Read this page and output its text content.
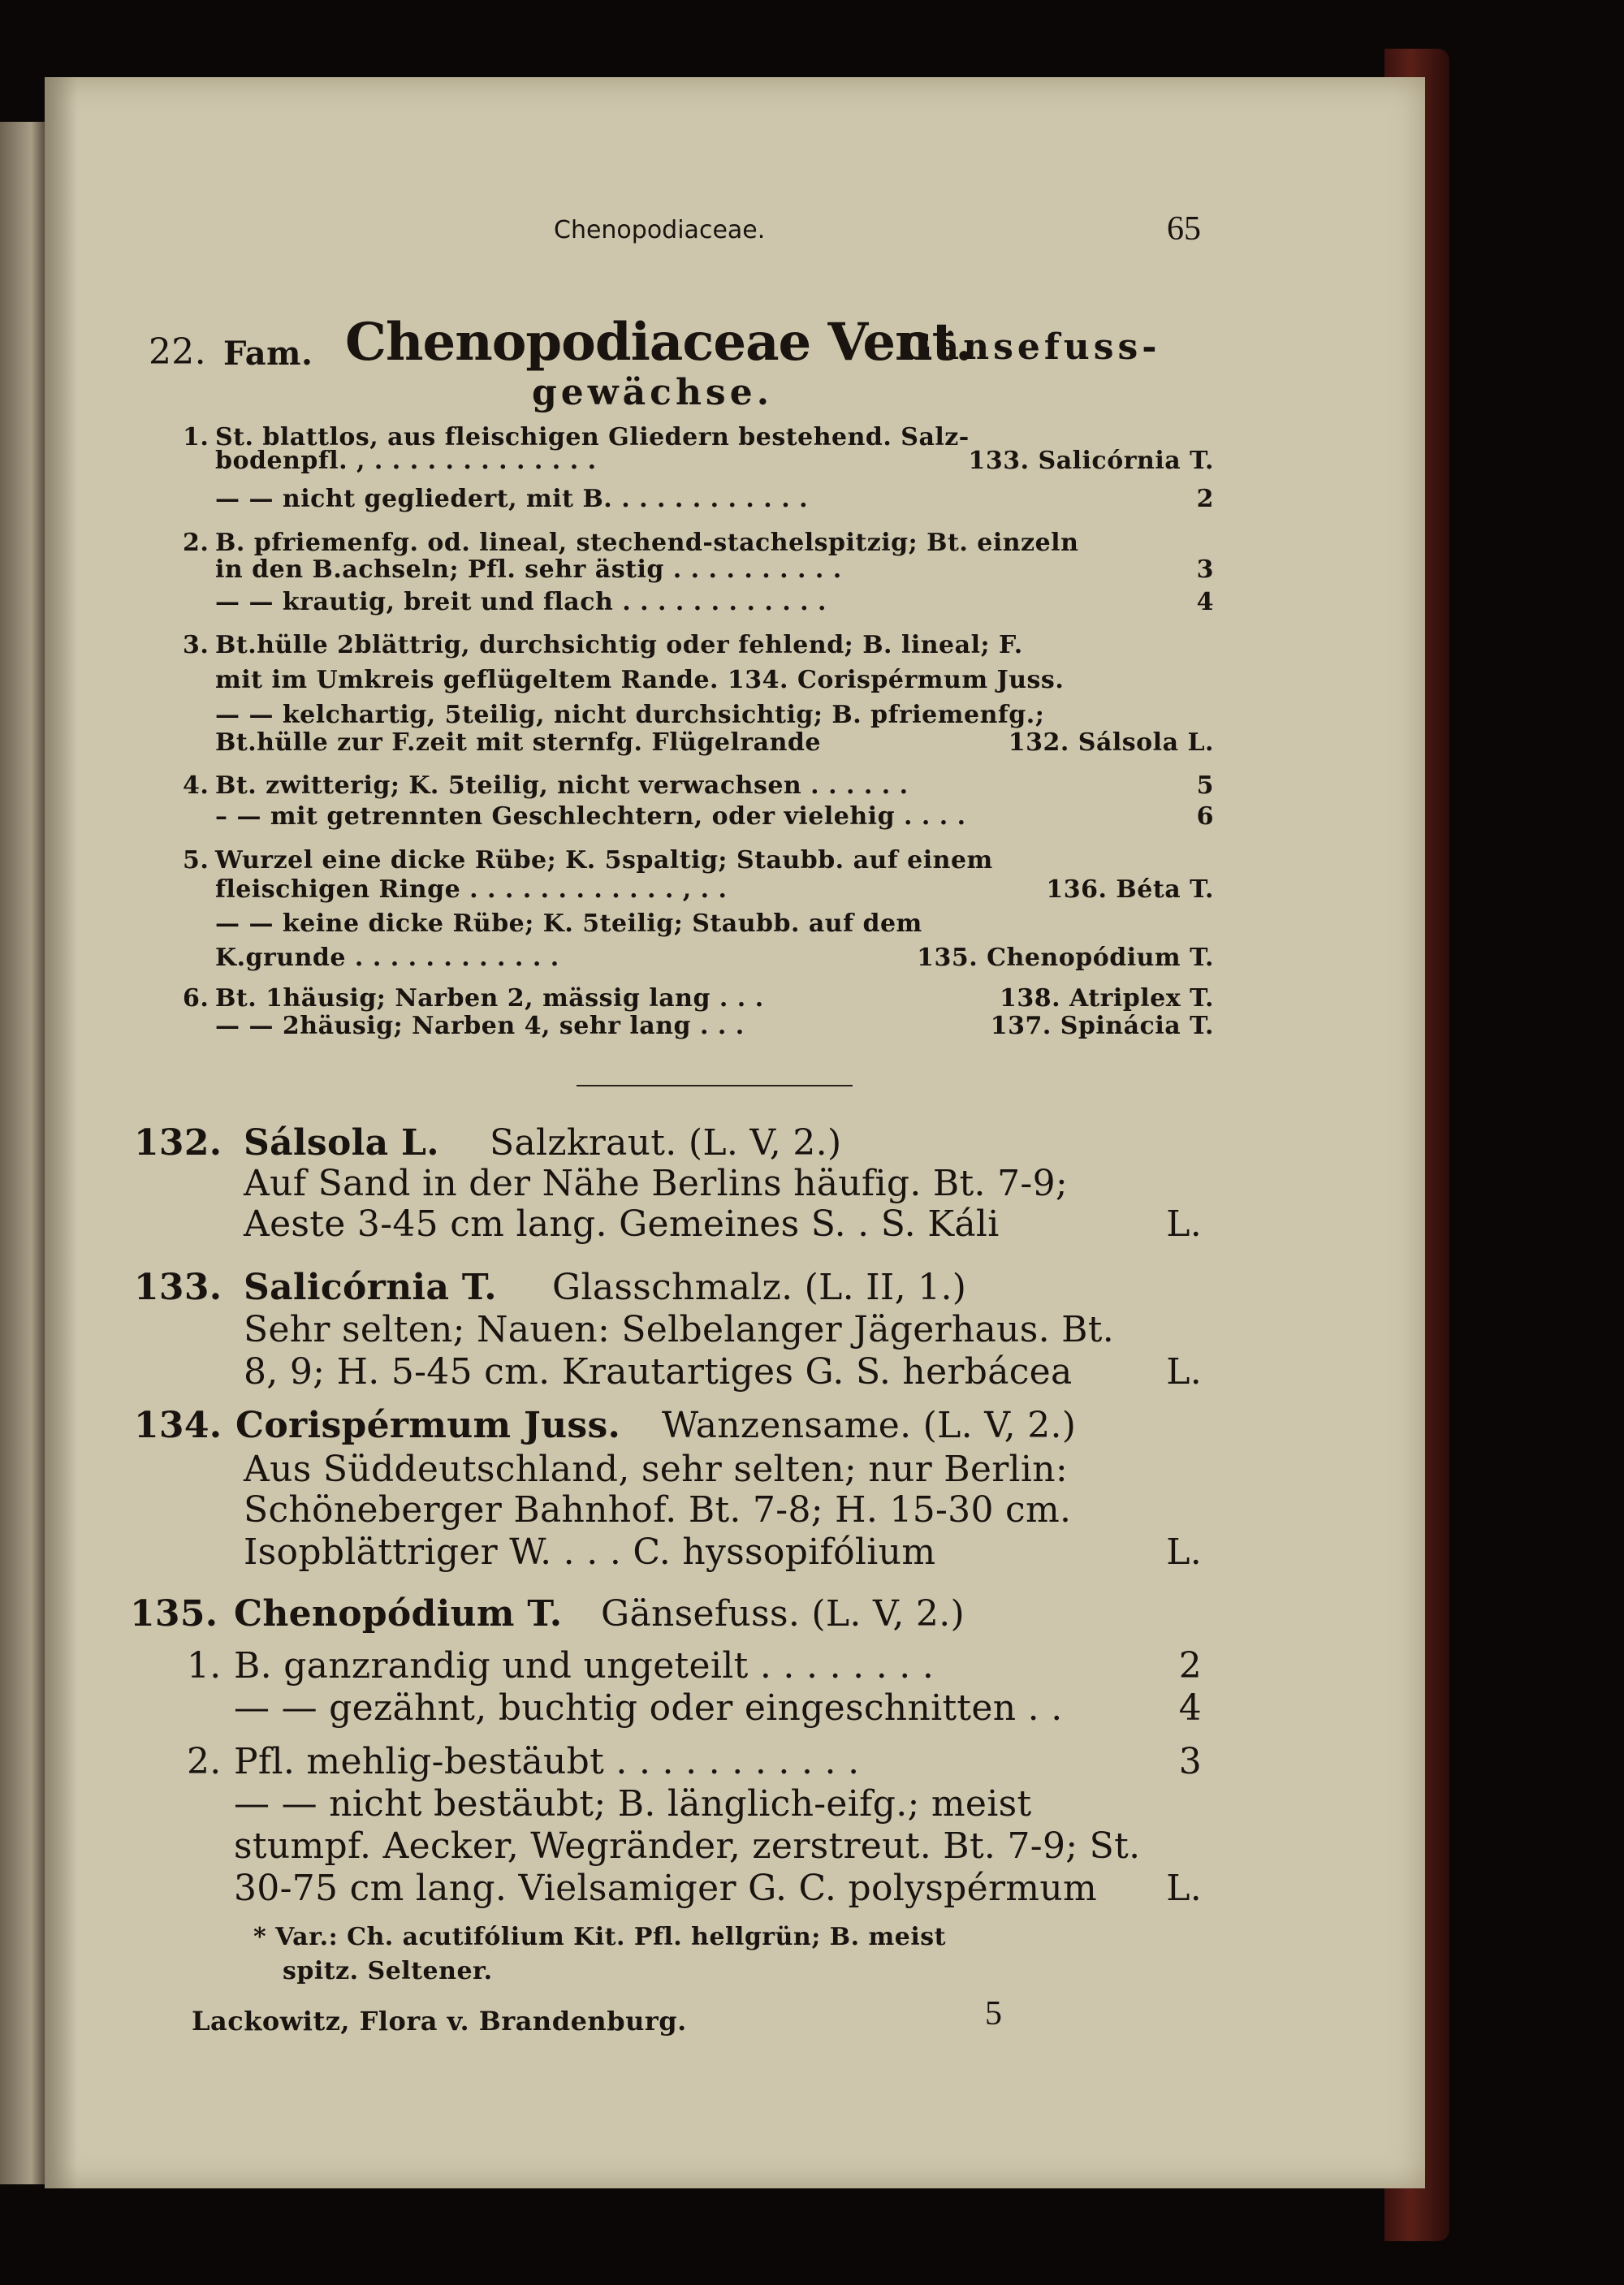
Chenopodiaceae.	65
22. Fam. Chenopodiaceae Vent.
Gänsefuss-
gewächse.
1. St. blattlos, aus fleischigen Gliedern bestehend. Salz-
bodenpfl. , . . . . . . . . . . . . .	133. Salicórnia T.
— — nicht gegliedert, mit B. . . . . . . . . . . .	2
2. B. pfriemenfg. od. lineal, stechend-stachelspitzig; Bt. einzeln
in den B.achseln; Pfl. sehr ästig . . . . . . . . . .	3
— — krautig, breit und flach . . . . . . . . . . . .	4
3. Bt.hülle 2blättrig, durchsichtig oder fehlend; B. lineal; F.
mit im Umkreis geflügeltem Rande. 134. Corispérmum Juss.
— — kelchartig, 5teilig, nicht durchsichtig; B. pfriemenfg.;
Bt.hülle zur F.zeit mit sternfg. Flügelrande	132. Sálsola L.
4. Bt. zwitterig; K. 5teilig, nicht verwachsen . . . . . .	5
– — mit getrennten Geschlechtern, oder vielehig . . . .	6
5. Wurzel eine dicke Rübe; K. 5spaltig; Staubb. auf einem
fleischigen Ringe . . . . . . . . . . . . , . .	136. Béta T.
— — keine dicke Rübe; K. 5teilig; Staubb. auf dem
K.grunde . . . . . . . . . . . .	135. Chenopódium T.
6. Bt. 1häusig; Narben 2, mässig lang . . .	138. Atriplex T.
— — 2häusig; Narben 4, sehr lang . . .	137. Spinácia T.
132. Sálsola L. Salzkraut. (L. V, 2.)
Auf Sand in der Nähe Berlins häufig. Bt. 7-9;
Aeste 3-45 cm lang. Gemeines S. . S. Káli	L.
133. Salicórnia T. Glasschmalz. (L. II, 1.)
Sehr selten; Nauen: Selbelanger Jägerhaus. Bt.
8, 9; H. 5-45 cm. Krautartiges G. S. herbácea	L.
134. Corispérmum Juss. Wanzensame. (L. V, 2.)
Aus Süddeutschland, sehr selten; nur Berlin:
Schöneberger Bahnhof. Bt. 7-8; H. 15-30 cm.
Isopblättriger W. . . . C. hyssopifólium	L.
135. Chenopódium T. Gänsefuss. (L. V, 2.)
1. B. ganzrandig und ungeteilt . . . . . . . .	2
— — gezähnt, buchtig oder eingeschnitten . .	4
2. Pfl. mehlig-bestäubt . . . . . . . . . . .	3
— — nicht bestäubt; B. länglich-eifg.; meist
stumpf. Aecker, Wegränder, zerstreut. Bt. 7-9; St.
30-75 cm lang. Vielsamiger G. C. polyspérmum L.
* Var.: Ch. acutifólium Kit. Pfl. hellgrün; B. meist
spitz. Seltener.
Lackowitz, Flora v. Brandenburg.	5
